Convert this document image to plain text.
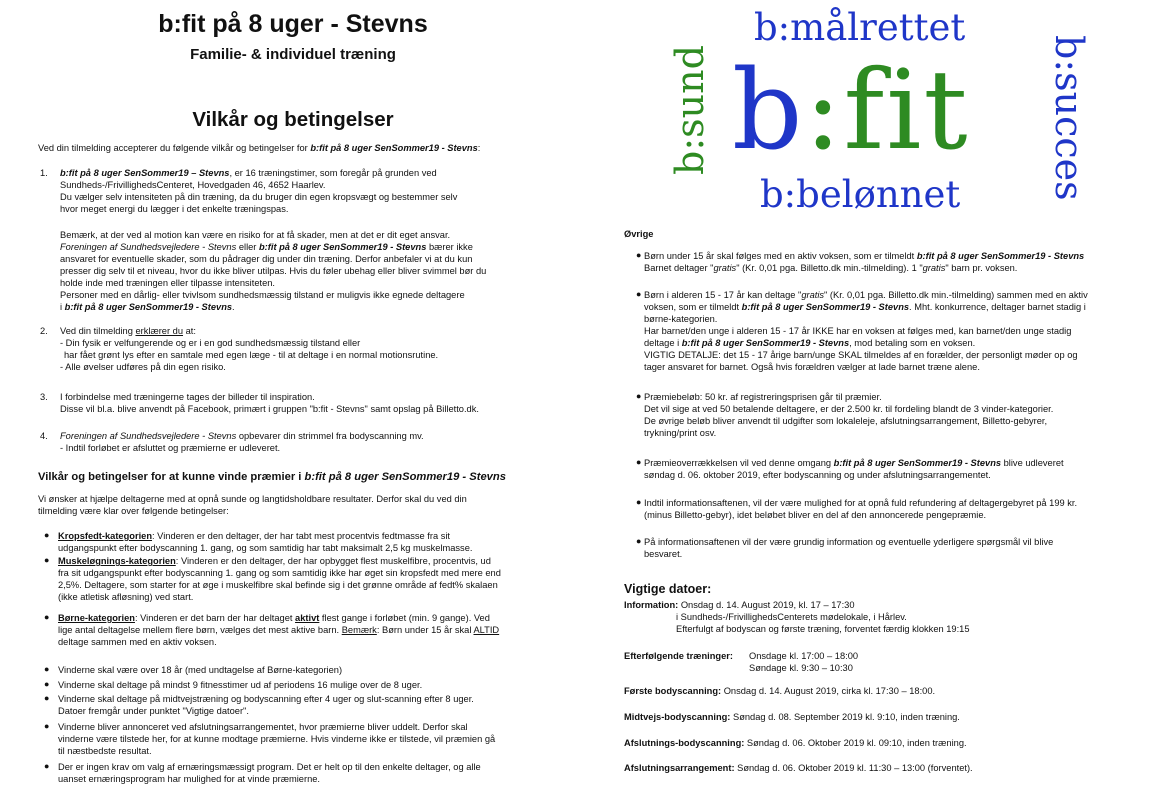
b:fit på 8 uger - Stevns
Familie- & individuel træning
Vilkår og betingelser
Ved din tilmelding accepterer du følgende vilkår og betingelser for b:fit på 8 uger SenSommer19 - Stevns:
1. b:fit på 8 uger SenSommer19 – Stevns, er 16 træningstimer, som foregår på grunden ved
Sundheds-/FrivillighedsCenteret, Hovedgaden 46, 4652 Haarlev.
Du vælger selv intensiteten på din træning, da du bruger din egen kropsvægt og bestemmer selv
hvor meget energi du lægger i det enkelte træningspas.
Bemærk, at der ved al motion kan være en risiko for at få skader, men at det er dit eget ansvar.
Foreningen af Sundhedsvejledere - Stevns eller b:fit på 8 uger SenSommer19 - Stevns bærer ikke
ansvaret for eventuelle skader, som du pådrager dig under din træning. Derfor anbefaler vi at du kun
presser dig selv til et niveau, hvor du ikke bliver utilpas. Hvis du føler ubehag eller bliver svimmel bør du
holde inde med træningen eller tilpasse intensiteten.
Personer med en dårlig- eller tvivlsom sundhedsmæssig tilstand er muligvis ikke egnede deltagere
i b:fit på 8 uger SenSommer19 - Stevns.
2. Ved din tilmelding erklærer du at:
- Din fysik er velfungerende og er i en god sundhedsmæssig tilstand eller
har fået grønt lys efter en samtale med egen læge - til at deltage i en normal motionsrutine.
- Alle øvelser udføres på din egen risiko.
3. I forbindelse med træningerne tages der billeder til inspiration.
Disse vil bl.a. blive anvendt på Facebook, primært i gruppen "b:fit - Stevns" samt opslag på Billetto.dk.
4. Foreningen af Sundhedsvejledere - Stevns opbevarer din strimmel fra bodyscanning mv.
- Indtil forløbet er afsluttet og præmierne er udleveret.
Vilkår og betingelser for at kunne vinde præmier i b:fit på 8 uger SenSommer19 - Stevns
Vi ønsker at hjælpe deltagerne med at opnå sunde og langtidsholdbare resultater. Derfor skal du ved din
tilmelding være klar over følgende betingelser:
● Kropsfedt-kategorien: Vinderen er den deltager, der har tabt mest procentvis fedtmasse fra sit
udgangspunkt efter bodyscanning 1. gang, og som samtidig har tabt maksimalt 2,5 kg muskelmasse.
● Muskeløgnings-kategorien: Vinderen er den deltager, der har opbygget flest muskelfibre, procentvis, ud
fra sit udgangspunkt efter bodyscanning 1. gang og som samtidig ikke har øget sin kropsfedt med mere end
2,5%. Deltagere, som starter for at øge i muskelfibre skal befinde sig i det grønne område af fedt% skalaen
(ikke atletisk afløsning) ved start.
● Børne-kategorien: Vinderen er det barn der har deltaget aktivt flest gange i forløbet (min. 9 gange). Ved
lige antal deltagelse mellem flere børn, vælges det mest aktive barn. Bemærk: Børn under 15 år skal ALTID
deltage sammen med en aktiv voksen.
● Vinderne skal være over 18 år (med undtagelse af Børne-kategorien)
● Vinderne skal deltage på mindst 9 fitnesstimer ud af periodens 16 mulige over de 8 uger.
● Vinderne skal deltage på midtvejstræning og bodyscanning efter 4 uger og slut-scanning efter 8 uger.
Datoer fremgår under punktet "Vigtige datoer".
● Vinderne bliver annonceret ved afslutningsarrangementet, hvor præmierne bliver uddelt. Derfor skal
vinderne være tilstede her, for at kunne modtage præmierne. Hvis vinderne ikke er tilstede, vil præmien gå
til næstbedste resultat.
● Der er ingen krav om valg af ernæringsmæssigt program. Det er helt op til den enkelte deltager, og alle
uanset ernæringsprogram har mulighed for at vinde præmierne.
b:målrettet
b:sund	b:succes
b:fit
b:belønnet
Øvrige
● Børn under 15 år skal følges med en aktiv voksen, som er tilmeldt b:fit på 8 uger SenSommer19 - Stevns
Barnet deltager "gratis" (Kr. 0,01 pga. Billetto.dk min.-tilmelding). 1 "gratis" barn pr. voksen.
● Børn i alderen 15 - 17 år kan deltage "gratis" (Kr. 0,01 pga. Billetto.dk min.-tilmelding) sammen med en aktiv
voksen, som er tilmeldt b:fit på 8 uger SenSommer19 - Stevns. Mht. konkurrence, deltager barnet stadig i
børne-kategorien.
Har barnet/den unge i alderen 15 - 17 år IKKE har en voksen at følges med, kan barnet/den unge stadig
deltage i b:fit på 8 uger SenSommer19 - Stevns, mod betaling som en voksen.
VIGTIG DETALJE: det 15 - 17 årige barn/unge SKAL tilmeldes af en forælder, der personligt møder op og
tager ansvaret for barnet. Også hvis forældren vælger at lade barnet træne alene.
● Præmiebeløb: 50 kr. af registreringsprisen går til præmier.
Det vil sige at ved 50 betalende deltagere, er der 2.500 kr. til fordeling blandt de 3 vinder-kategorier.
De øvrige beløb bliver anvendt til udgifter som lokaleleje, afslutningsarrangement, Billetto-gebyrer,
trykning/print osv.
● Præmieoverrækkelsen vil ved denne omgang b:fit på 8 uger SenSommer19 - Stevns blive udleveret
søndag d. 06. oktober 2019, efter bodyscanning og under afslutningsarrangementet.
● Indtil informationsaftenen, vil der være mulighed for at opnå fuld refundering af deltagergebyret på 199 kr.
(minus Billetto-gebyr), idet beløbet bliver en del af den annoncerede pengepræmie.
● På informationsaftenen vil der være grundig information og eventuelle yderligere spørgsmål vil blive
besvaret.
Vigtige datoer:
Information: Onsdag d. 14. August 2019, kl. 17 – 17:30
i Sundheds-/FrivillighedsCenterets mødelokale, i Hårlev.
Efterfulgt af bodyscan og første træning, forventet færdig klokken 19:15
Efterfølgende træninger: Onsdage kl. 17:00 – 18:00
Søndage kl. 9:30 – 10:30
Første bodyscanning: Onsdag d. 14. August 2019, cirka kl. 17:30 – 18:00.
Midtvejs-bodyscanning: Søndag d. 08. September 2019 kl. 9:10, inden træning.
Afslutnings-bodyscanning: Søndag d. 06. Oktober 2019 kl. 09:10, inden træning.
Afslutningsarrangement: Søndag d. 06. Oktober 2019 kl. 11:30 – 13:00 (forventet).
